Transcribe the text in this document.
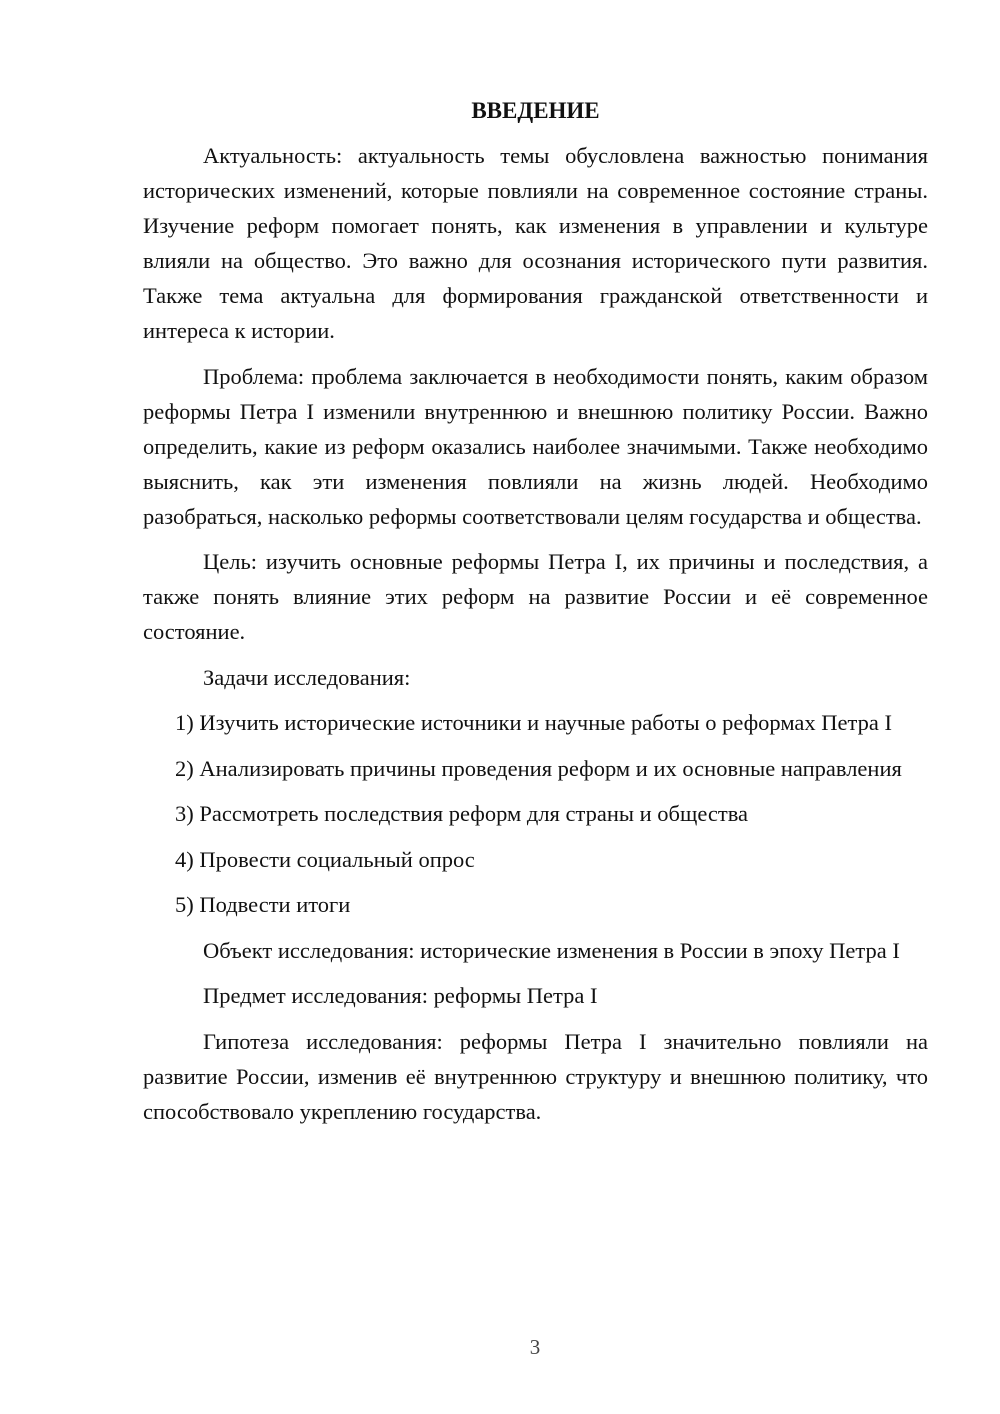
ВВЕДЕНИЕ

Актуальность: актуальность темы обусловлена важностью понимания исторических изменений, которые повлияли на современное состояние страны. Изучение реформ помогает понять, как изменения в управлении и культуре влияли на общество. Это важно для осознания исторического пути развития. Также тема актуальна для формирования гражданской ответственности и интереса к истории.

Проблема: проблема заключается в необходимости понять, каким образом реформы Петра I изменили внутреннюю и внешнюю политику России. Важно определить, какие из реформ оказались наиболее значимыми. Также необходимо выяснить, как эти изменения повлияли на жизнь людей. Необходимо разобраться, насколько реформы соответствовали целям государства и общества.

Цель: изучить основные реформы Петра I, их причины и последствия, а также понять влияние этих реформ на развитие России и её современное состояние.

Задачи исследования:

1) Изучить исторические источники и научные работы о реформах Петра I

2) Анализировать причины проведения реформ и их основные направления

3) Рассмотреть последствия реформ для страны и общества

4) Провести социальный опрос

5) Подвести итоги

Объект исследования: исторические изменения в России в эпоху Петра I

Предмет исследования: реформы Петра I

Гипотеза исследования: реформы Петра I значительно повлияли на развитие России, изменив её внутреннюю структуру и внешнюю политику, что способствовало укреплению государства.

3
